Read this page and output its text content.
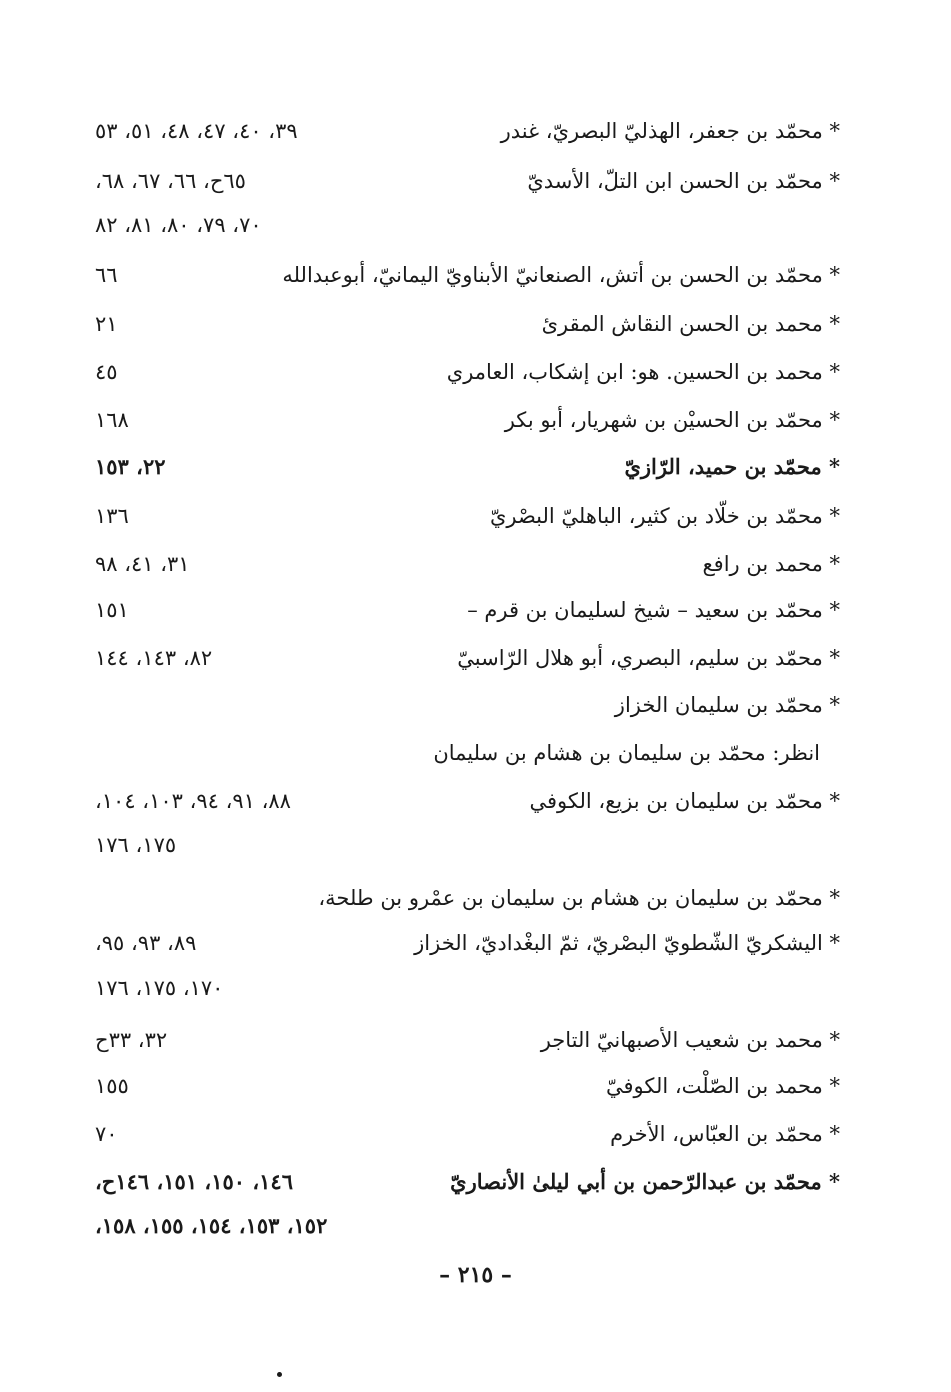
* محمّد بن جعفر، الهذليّ البصريّ، غندر
٣٩، ٤٠، ٤٧، ٤٨، ٥١، ٥٣
* محمّد بن الحسن ابن التلّ، الأسديّ
٦٥ح، ٦٦، ٦٧، ٦٨،
٧٠، ٧٩، ٨٠، ٨١، ٨٢
* محمّد بن الحسن بن أتش، الصنعانيّ الأبناويّ اليمانيّ، أبوعبدالله
٦٦
* محمد بن الحسن النقاش المقرئ
٢١
* محمد بن الحسين. هو: ابن إشكاب، العامري
٤٥
* محمّد بن الحسيْن بن شهريار، أبو بكر
١٦٨
* محمّد بن حميد، الرّازيّ
٢٢، ١٥٣
* محمّد بن خلّاد بن كثير، الباهليّ البصْريّ
١٣٦
* محمد بن رافع
٣١، ٤١، ٩٨
* محمّد بن سعيد – شيخ لسليمان بن قرم –
١٥١
* محمّد بن سليم، البصري، أبو هلال الرّاسبيّ
٨٢، ١٤٣، ١٤٤
* محمّد بن سليمان الخزاز
انظر: محمّد بن سليمان بن هشام بن سليمان
* محمّد بن سليمان بن بزيع، الكوفي
٨٨، ٩١، ٩٤، ١٠٣، ١٠٤،
١٧٥، ١٧٦
* محمّد بن سليمان بن هشام بن سليمان بن عمْرو بن طلحة،
* اليشكريّ الشّطويّ البصْريّ، ثمّ البغْداديّ، الخزاز
٨٩، ٩٣، ٩٥،
١٧٠، ١٧٥، ١٧٦
* محمد بن شعيب الأصبهانيّ التاجر
٣٢، ٣٣ح
* محمد بن الصّلْت، الكوفيّ
١٥٥
* محمّد بن العبّاس، الأخرم
٧٠
* محمّد بن عبدالرّحمن بن أبي ليلىٰ الأنصاريّ
١٤٦، ١٥٠، ١٥١، ١٤٦ح،
١٥٢، ١٥٣، ١٥٤، ١٥٥، ١٥٨،
– ٢١٥ –
